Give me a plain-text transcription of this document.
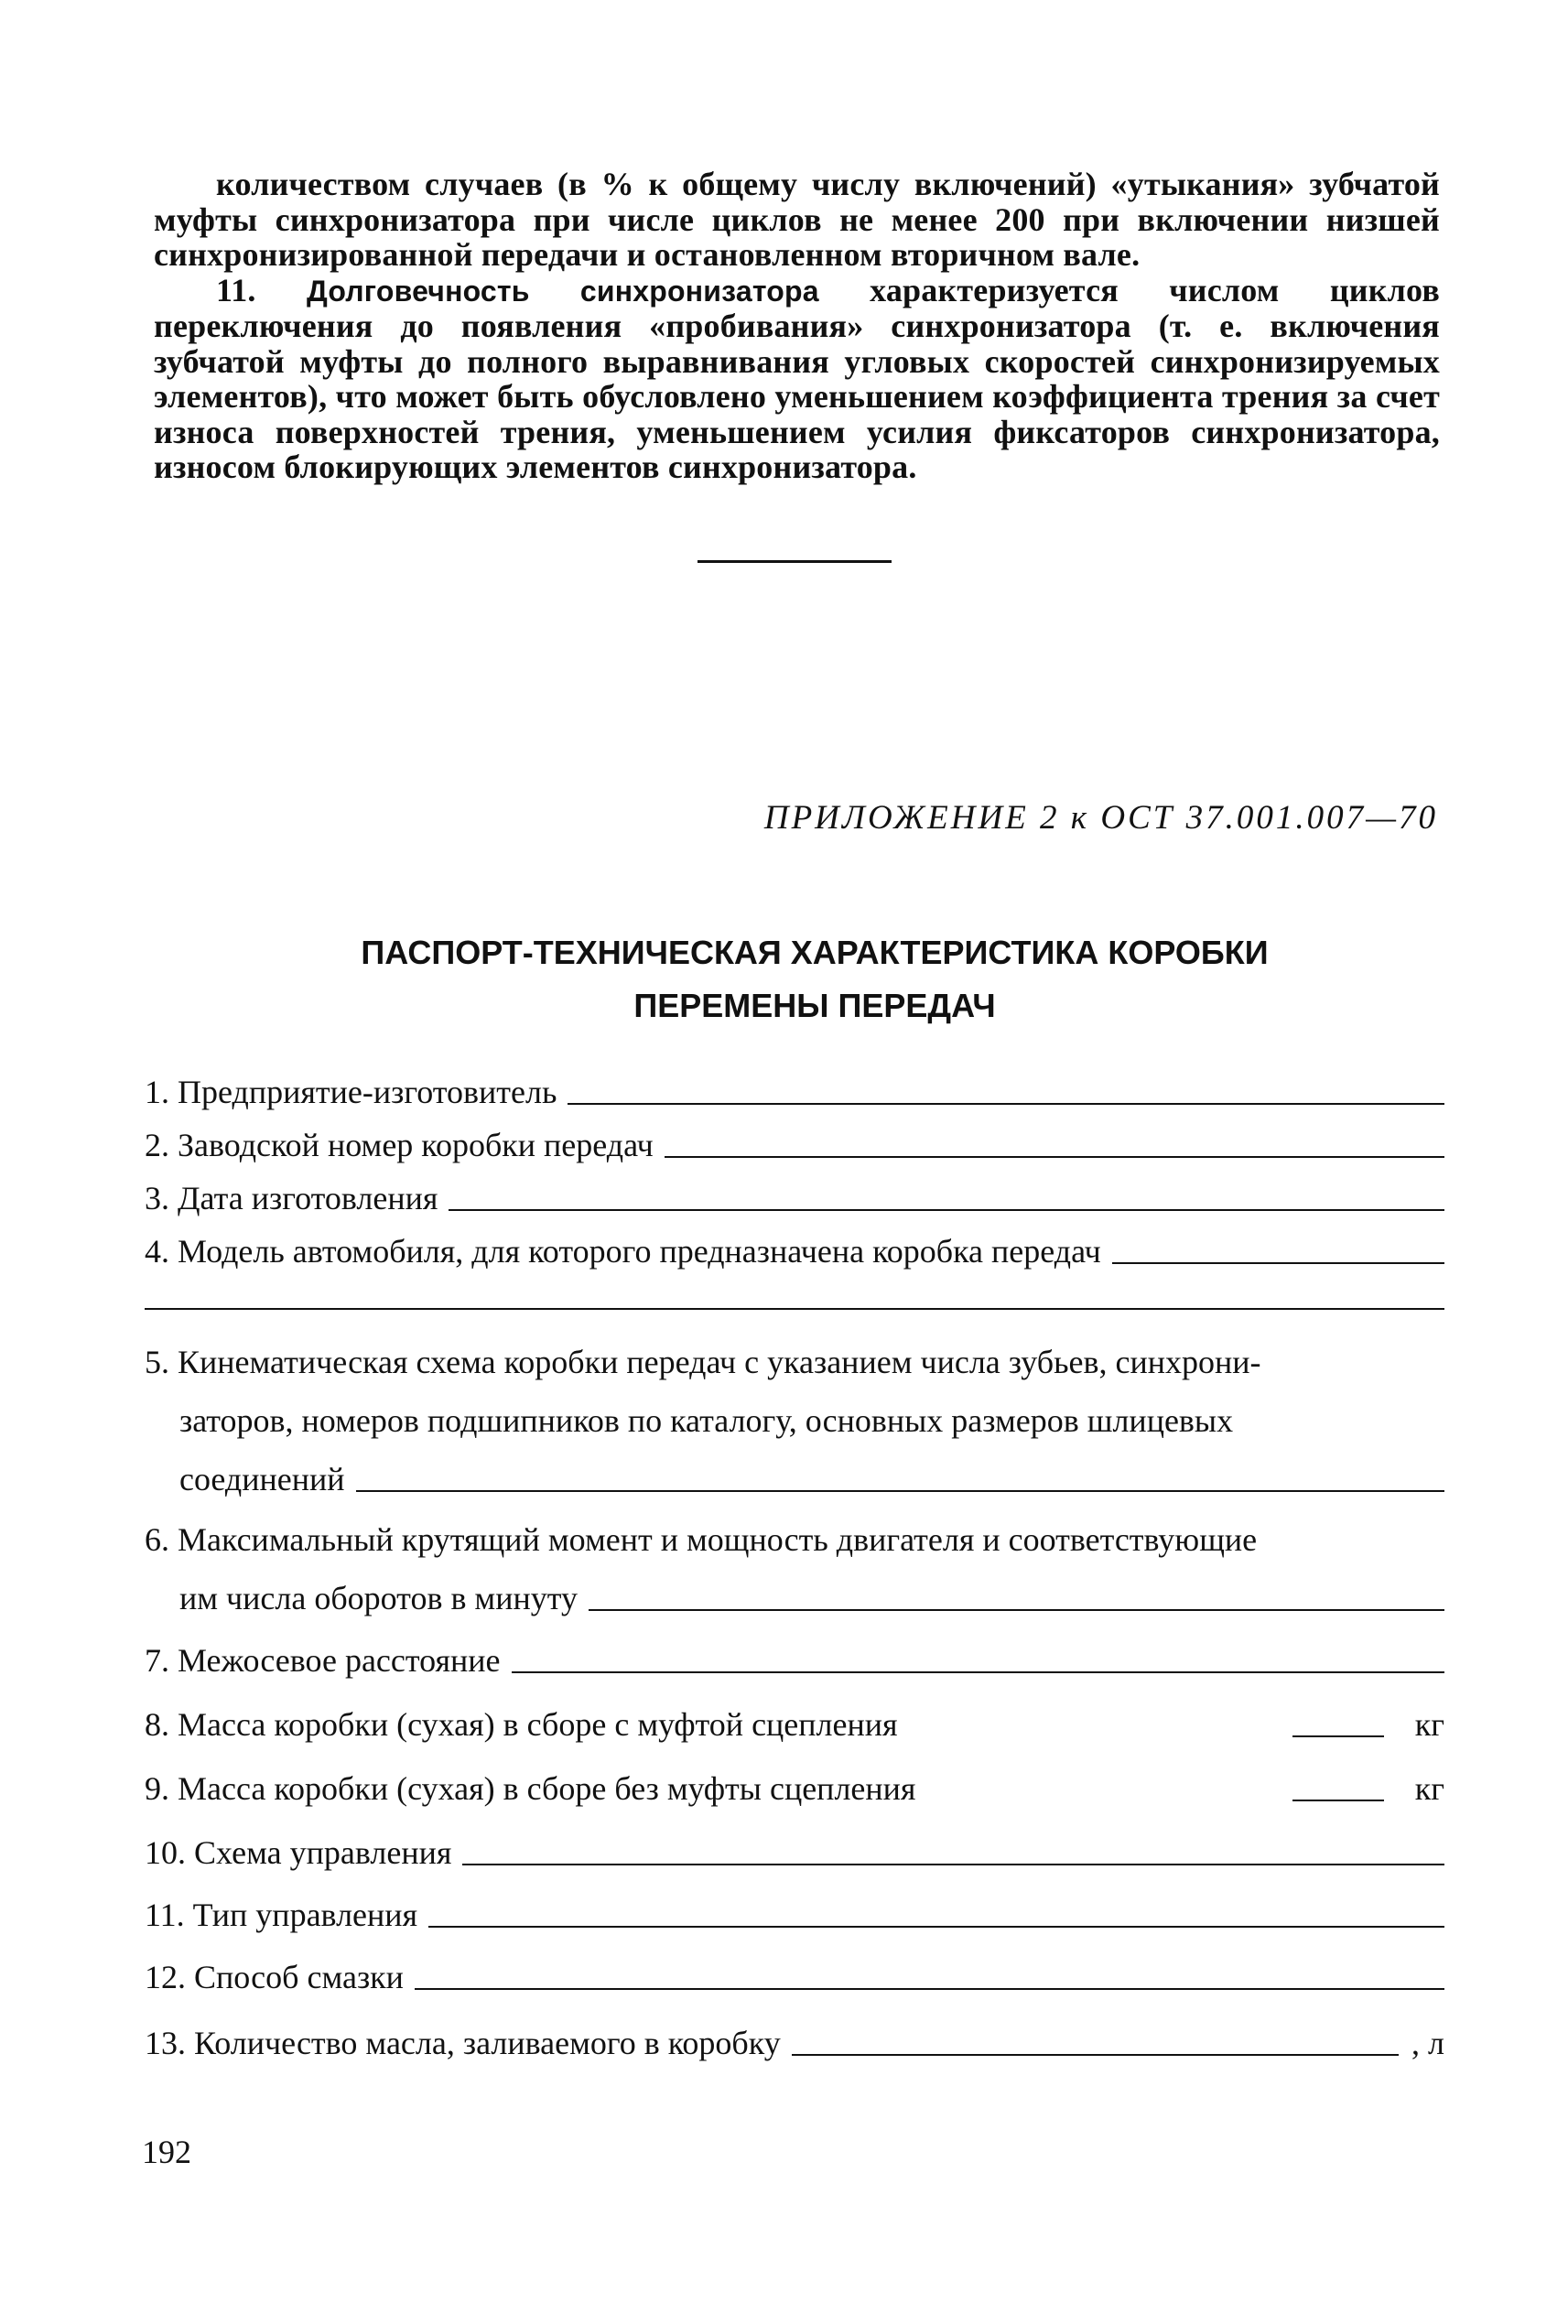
количеством случаев (в % к общему числу включений) «утыкания» зубчатой муфты синхронизатора при числе циклов не менее 200 при включении низшей синхронизированной передачи и остановленном вторичном вале.

11. Долговечность синхронизатора характеризуется числом циклов переключения до появления «пробивания» синхронизатора (т. е. включения зубчатой муфты до полного выравнивания угловых скоростей синхронизируемых элементов), что может быть обусловлено уменьшением коэффициента трения за счет износа поверхностей трения, уменьшением усилия фиксаторов синхронизатора, износом блокирующих элементов синхронизатора.

ПРИЛОЖЕНИЕ 2 к ОСТ 37.001.007—70
ПАСПОРТ-ТЕХНИЧЕСКАЯ ХАРАКТЕРИСТИКА КОРОБКИ
ПЕРЕМЕНЫ ПЕРЕДАЧ
1.
Предприятие-изготовитель
2.
Заводской номер коробки передач
3.
Дата изготовления
4.
Модель автомобиля, для которого предназначена коробка передач
5.
Кинематическая схема коробки передач с указанием числа зубьев, синхрони-
заторов, номеров подшипников по каталогу, основных размеров шлицевых
соединений
6.
Максимальный крутящий момент и мощность двигателя и соответствующие
им числа оборотов в минуту
7.
Межосевое расстояние
8.
Масса коробки (сухая) в сборе с муфтой сцепления	кг
9.
Масса коробки (сухая) в сборе без муфты сцепления	кг
10.
Схема управления
11.
Тип управления
12.
Способ смазки
13.
Количество масла, заливаемого в коробку	, л
192
